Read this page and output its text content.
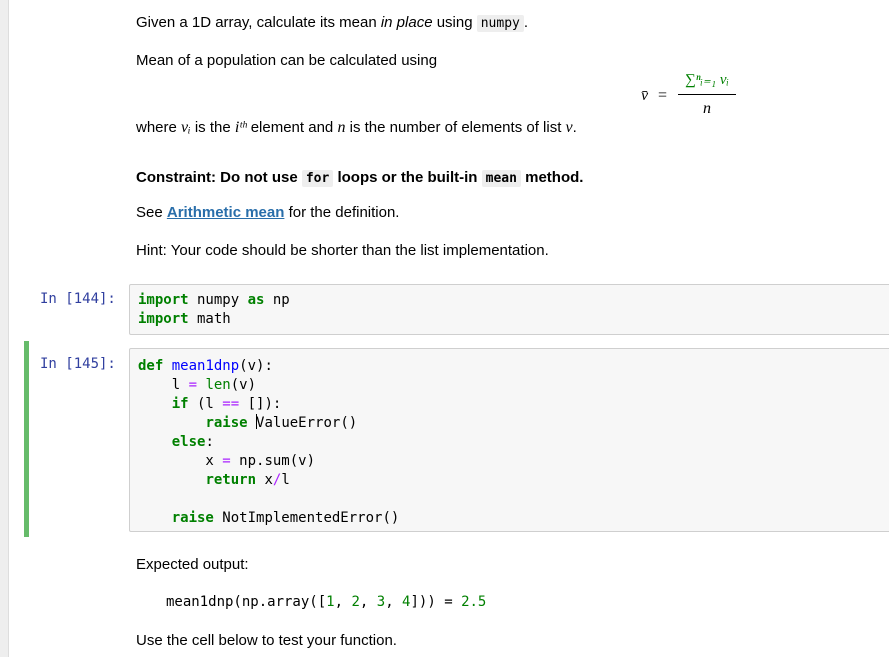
Given a 1D array, calculate its mean in place using numpy .
Mean of a population can be calculated using
v̄ =
∑ⁿᵢ₌₁ vᵢ
n
where vᵢ is the iᵗʰ element and n is the number of elements of list v.
Constraint: Do not use for loops or the built-in mean method.
See Arithmetic mean for the definition.
Hint: Your code should be shorter than the list implementation.
In [144]: import numpy as np
import math
In [145]: def mean1dnp(v):
l = len(v)
if (l == []):
raise ValueError()
else:
x = np.sum(v)
return x/l

raise NotImplementedError()
Expected output:
mean1dnp(np.array([1, 2, 3, 4])) = 2.5
Use the cell below to test your function.
